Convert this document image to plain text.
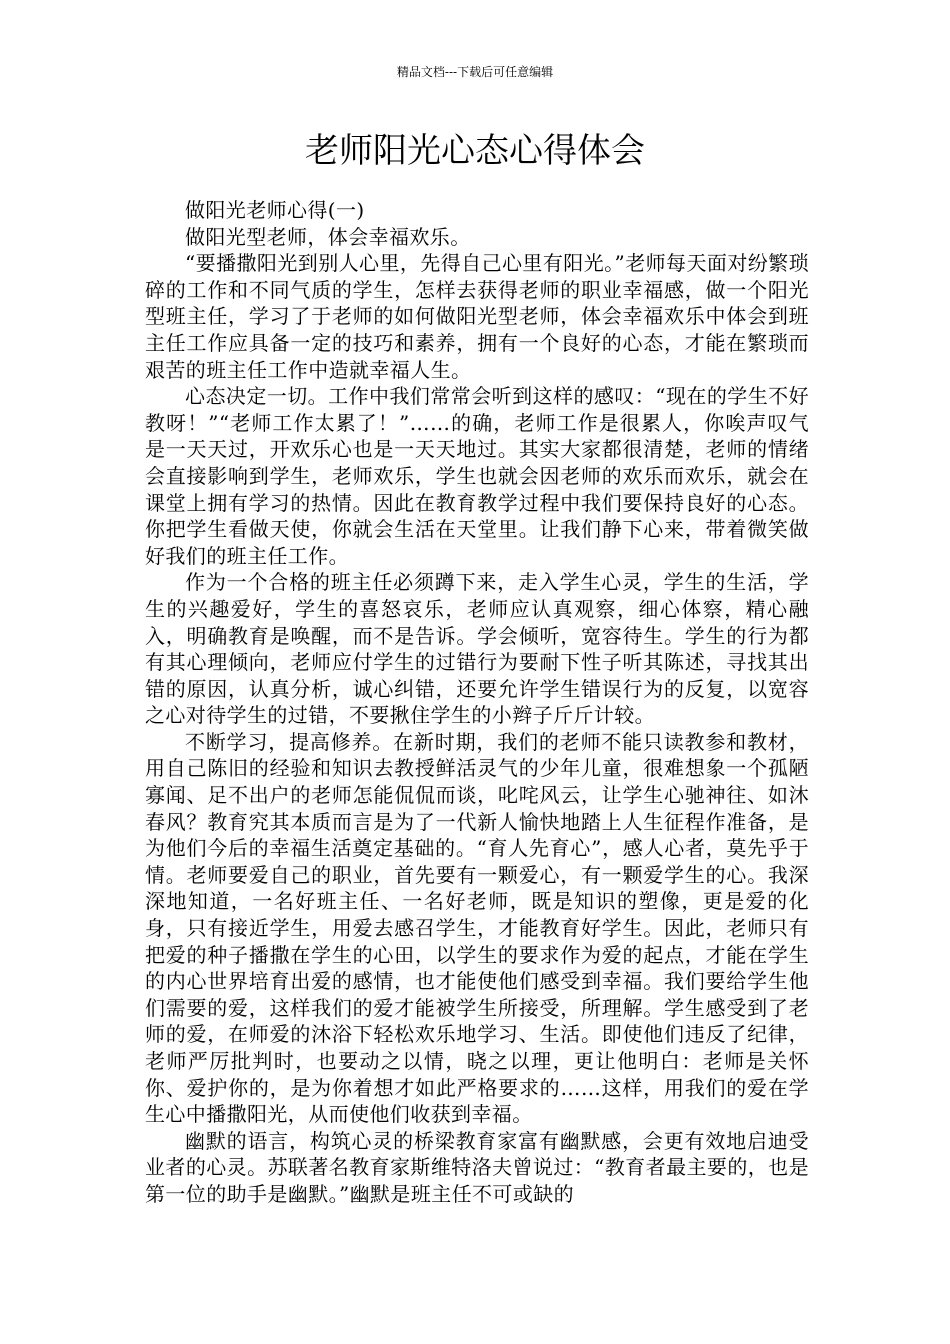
精品文档---下载后可任意编辑
老师阳光心态心得体会

做阳光老师心得(一)

做阳光型老师，体会幸福欢乐。

“要播撒阳光到别人心里，先得自己心里有阳光。”老师每天面对纷繁琐碎的工作和不同气质的学生，怎样去获得老师的职业幸福感，做一个阳光型班主任，学习了于老师的如何做阳光型老师，体会幸福欢乐中体会到班主任工作应具备一定的技巧和素养，拥有一个良好的心态，才能在繁琐而艰苦的班主任工作中造就幸福人生。

心态决定一切。工作中我们常常会听到这样的感叹：“现在的学生不好教呀！”“老师工作太累了！”……的确，老师工作是很累人，你唉声叹气是一天天过，开欢乐心也是一天天地过。其实大家都很清楚，老师的情绪会直接影响到学生，老师欢乐，学生也就会因老师的欢乐而欢乐，就会在课堂上拥有学习的热情。因此在教育教学过程中我们要保持良好的心态。你把学生看做天使，你就会生活在天堂里。让我们静下心来，带着微笑做好我们的班主任工作。

作为一个合格的班主任必须蹲下来，走入学生心灵，学生的生活，学生的兴趣爱好，学生的喜怒哀乐，老师应认真观察，细心体察，精心融入，明确教育是唤醒，而不是告诉。学会倾听，宽容待生。学生的行为都有其心理倾向，老师应付学生的过错行为要耐下性子听其陈述，寻找其出错的原因，认真分析，诚心纠错，还要允许学生错误行为的反复，以宽容之心对待学生的过错，不要揪住学生的小辫子斤斤计较。

不断学习，提高修养。在新时期，我们的老师不能只读教参和教材，用自己陈旧的经验和知识去教授鲜活灵气的少年儿童，很难想象一个孤陋寡闻、足不出户的老师怎能侃侃而谈，叱咤风云，让学生心驰神往、如沐春风？教育究其本质而言是为了一代新人愉快地踏上人生征程作准备，是为他们今后的幸福生活奠定基础的。“育人先育心”，感人心者，莫先乎于情。老师要爱自己的职业，首先要有一颗爱心，有一颗爱学生的心。我深深地知道，一名好班主任、一名好老师，既是知识的塑像，更是爱的化身，只有接近学生，用爱去感召学生，才能教育好学生。因此，老师只有把爱的种子播撒在学生的心田，以学生的要求作为爱的起点，才能在学生的内心世界培育出爱的感情，也才能使他们感受到幸福。我们要给学生他们需要的爱，这样我们的爱才能被学生所接受，所理解。学生感受到了老师的爱，在师爱的沐浴下轻松欢乐地学习、生活。即使他们违反了纪律，老师严厉批判时，也要动之以情，晓之以理，更让他明白：老师是关怀你、爱护你的，是为你着想才如此严格要求的……这样，用我们的爱在学生心中播撒阳光，从而使他们收获到幸福。

幽默的语言，构筑心灵的桥梁教育家富有幽默感，会更有效地启迪受业者的心灵。苏联著名教育家斯维特洛夫曾说过：“教育者最主要的，也是第一位的助手是幽默。”幽默是班主任不可或缺的
